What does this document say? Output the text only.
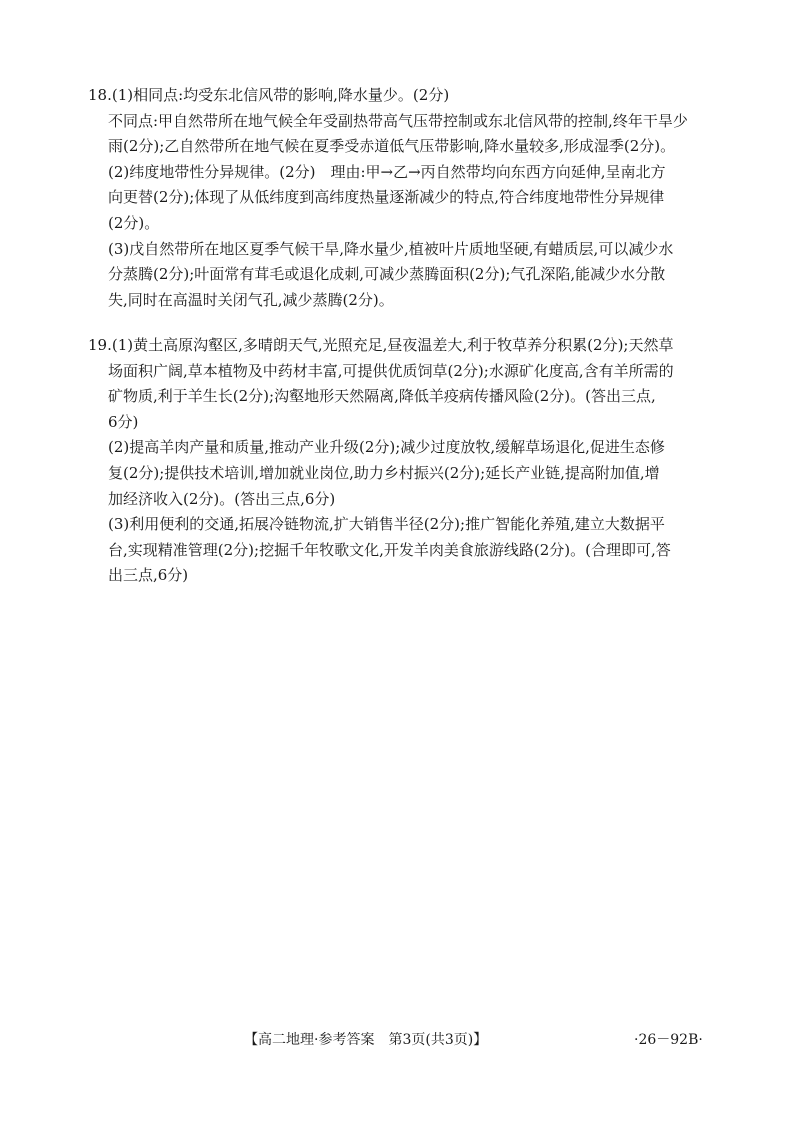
18.(1)相同点:均受东北信风带的影响,降水量少。(2分)

不同点:甲自然带所在地气候全年受副热带高气压带控制或东北信风带的控制,终年干旱少

雨(2分);乙自然带所在地气候在夏季受赤道低气压带影响,降水量较多,形成湿季(2分)。

(2)纬度地带性分异规律。(2分)　理由:甲→乙→丙自然带均向东西方向延伸,呈南北方

向更替(2分);体现了从低纬度到高纬度热量逐渐减少的特点,符合纬度地带性分异规律

(2分)。

(3)戊自然带所在地区夏季气候干旱,降水量少,植被叶片质地坚硬,有蜡质层,可以减少水

分蒸腾(2分);叶面常有茸毛或退化成刺,可减少蒸腾面积(2分);气孔深陷,能减少水分散

失,同时在高温时关闭气孔,减少蒸腾(2分)。

19.(1)黄土高原沟壑区,多晴朗天气,光照充足,昼夜温差大,利于牧草养分积累(2分);天然草

场面积广阔,草本植物及中药材丰富,可提供优质饲草(2分);水源矿化度高,含有羊所需的

矿物质,利于羊生长(2分);沟壑地形天然隔离,降低羊疫病传播风险(2分)。(答出三点,

6分)

(2)提高羊肉产量和质量,推动产业升级(2分);减少过度放牧,缓解草场退化,促进生态修

复(2分);提供技术培训,增加就业岗位,助力乡村振兴(2分);延长产业链,提高附加值,增

加经济收入(2分)。(答出三点,6分)

(3)利用便利的交通,拓展冷链物流,扩大销售半径(2分);推广智能化养殖,建立大数据平

台,实现精准管理(2分);挖掘千年牧歌文化,开发羊肉美食旅游线路(2分)。(合理即可,答

出三点,6分)

【高二地理·参考答案　第3页(共3页)】	·26－92B·
